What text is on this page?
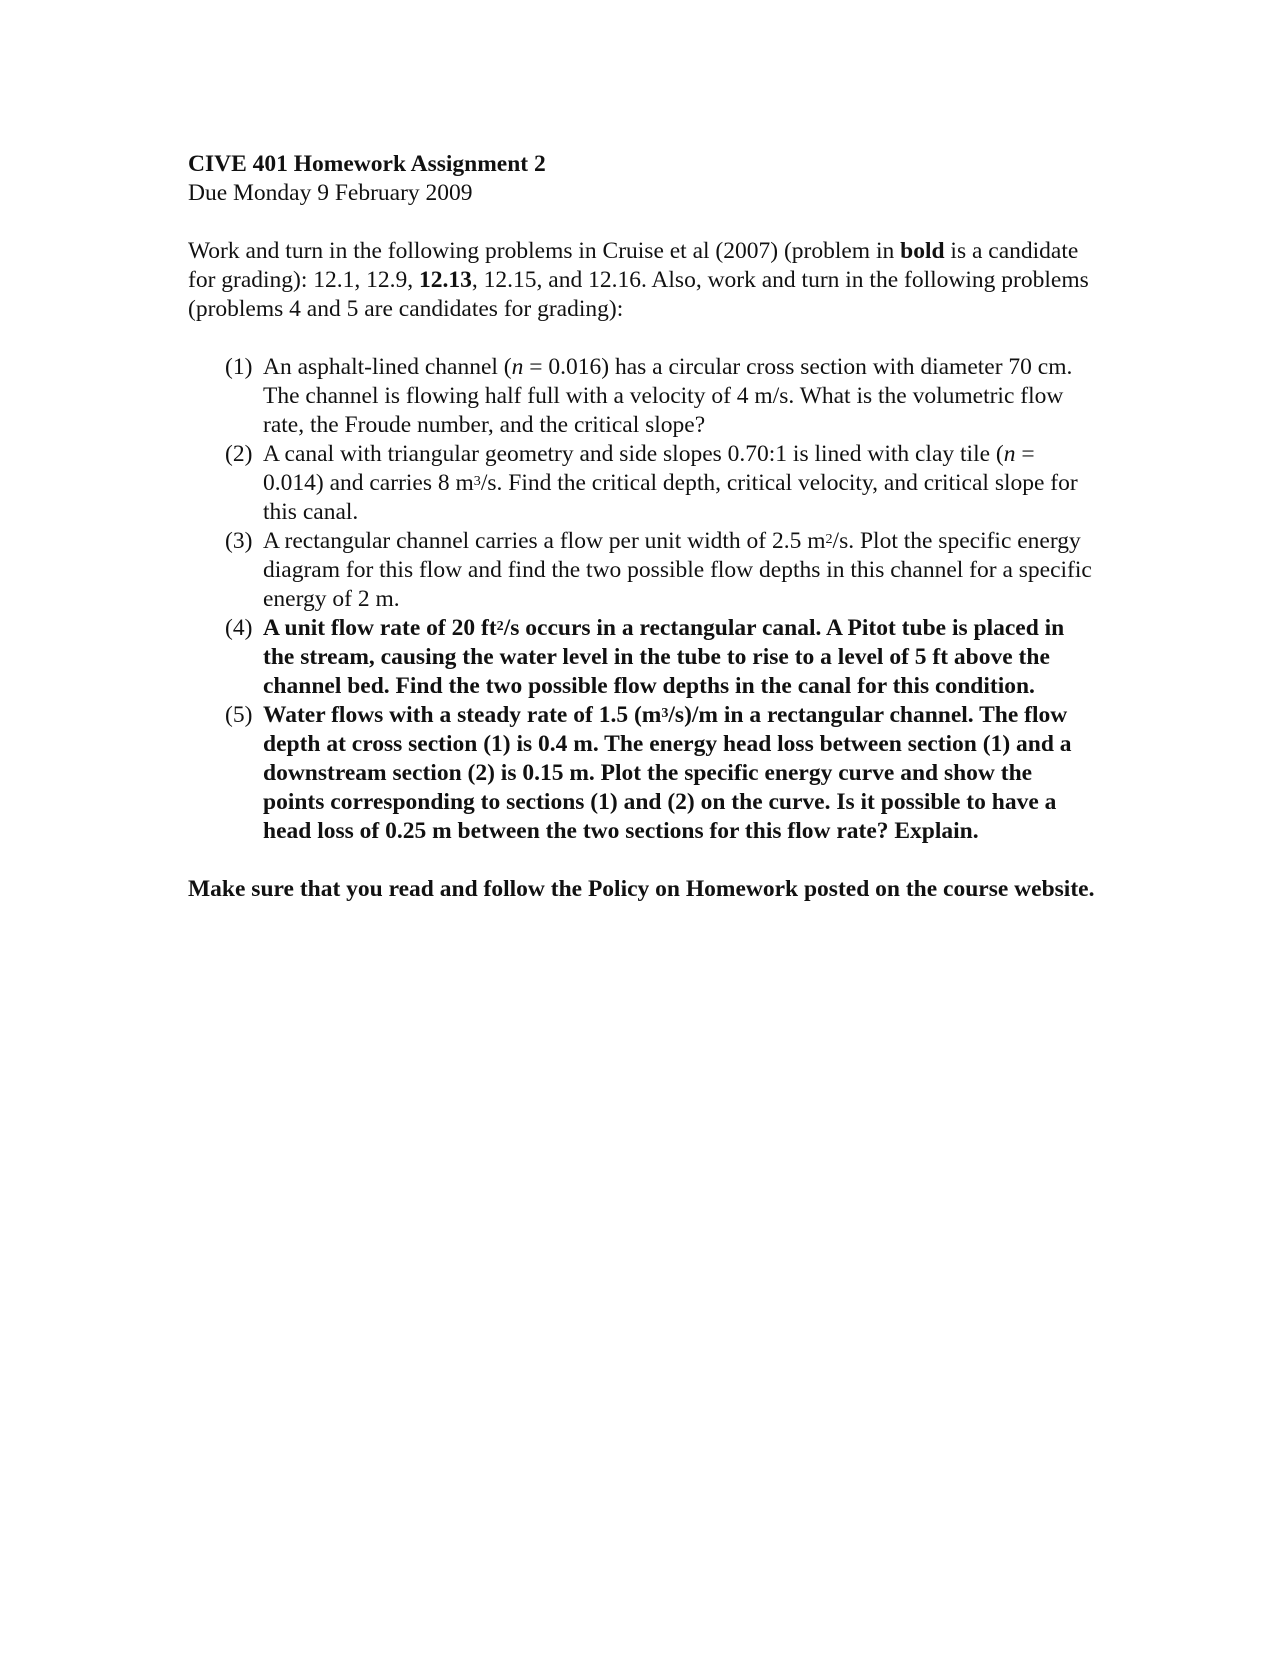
CIVE 401 Homework Assignment 2

Due Monday 9 February 2009

Work and turn in the following problems in Cruise et al (2007) (problem in bold is a candidate for grading): 12.1, 12.9, 12.13, 12.15, and 12.16. Also, work and turn in the following problems (problems 4 and 5 are candidates for grading):

(1) An asphalt-lined channel (n = 0.016) has a circular cross section with diameter 70 cm. The channel is flowing half full with a velocity of 4 m/s. What is the volumetric flow rate, the Froude number, and the critical slope?
(2) A canal with triangular geometry and side slopes 0.70:1 is lined with clay tile (n = 0.014) and carries 8 $m^3/s$. Find the critical depth, critical velocity, and critical slope for this canal.
(3) A rectangular channel carries a flow per unit width of 2.5 $m^2/s$. Plot the specific energy diagram for this flow and find the two possible flow depths in this channel for a specific energy of 2 m.
(4) A unit flow rate of 20 $ft^2/s$ occurs in a rectangular canal. A Pitot tube is placed in the stream, causing the water level in the tube to rise to a level of 5 ft above the channel bed. Find the two possible flow depths in the canal for this condition.
(5) Water flows with a steady rate of 1.5 $(m^3/s)/m$ in a rectangular channel. The flow depth at cross section (1) is 0.4 m. The energy head loss between section (1) and a downstream section (2) is 0.15 m. Plot the specific energy curve and show the points corresponding to sections (1) and (2) on the curve. Is it possible to have a head loss of 0.25 m between the two sections for this flow rate? Explain.

Make sure that you read and follow the Policy on Homework posted on the course website.
